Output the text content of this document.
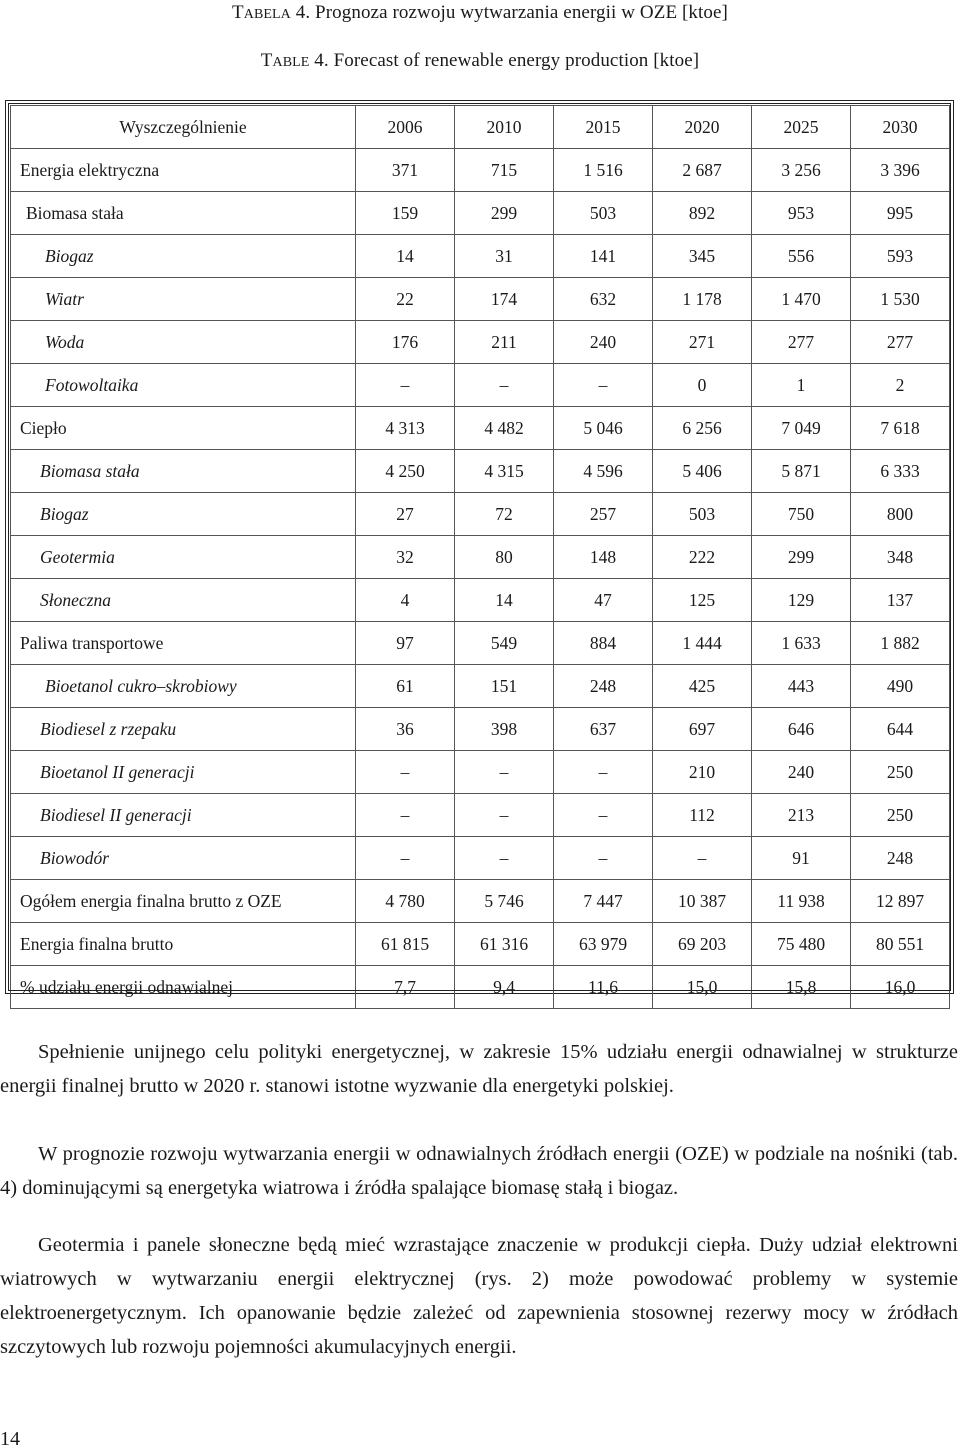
TABELA 4. Prognoza rozwoju wytwarzania energii w OZE [ktoe]
TABLE 4. Forecast of renewable energy production [ktoe]
Wyszczególnienie	2006	2010	2015	2020	2025	2030
Energia elektryczna	371	715	1 516	2 687	3 256	3 396
Biomasa stała	159	299	503	892	953	995
Biogaz	14	31	141	345	556	593
Wiatr	22	174	632	1 178	1 470	1 530
Woda	176	211	240	271	277	277
Fotowoltaika	–	–	–	0	1	2
Ciepło	4 313	4 482	5 046	6 256	7 049	7 618
Biomasa stała	4 250	4 315	4 596	5 406	5 871	6 333
Biogaz	27	72	257	503	750	800
Geotermia	32	80	148	222	299	348
Słoneczna	4	14	47	125	129	137
Paliwa transportowe	97	549	884	1 444	1 633	1 882
Bioetanol cukro–skrobiowy	61	151	248	425	443	490
Biodiesel z rzepaku	36	398	637	697	646	644
Bioetanol II generacji	–	–	–	210	240	250
Biodiesel II generacji	–	–	–	112	213	250
Biowodór	–	–	–	–	91	248
Ogółem energia finalna brutto z OZE	4 780	5 746	7 447	10 387	11 938	12 897
Energia finalna brutto	61 815	61 316	63 979	69 203	75 480	80 551
% udziału energii odnawialnej	7,7	9,4	11,6	15,0	15,8	16,0

Spełnienie unijnego celu polityki energetycznej, w zakresie 15% udziału energii odnawialnej w strukturze energii finalnej brutto w 2020 r. stanowi istotne wyzwanie dla energetyki polskiej.

W prognozie rozwoju wytwarzania energii w odnawialnych źródłach energii (OZE) w podziale na nośniki (tab. 4) dominującymi są energetyka wiatrowa i źródła spalające biomasę stałą i biogaz.

Geotermia i panele słoneczne będą mieć wzrastające znaczenie w produkcji ciepła. Duży udział elektrowni wiatrowych w wytwarzaniu energii elektrycznej (rys. 2) może powodować problemy w systemie elektroenergetycznym. Ich opanowanie będzie zależeć od zapewnienia stosownej rezerwy mocy w źródłach szczytowych lub rozwoju pojemności akumulacyjnych energii.

14
